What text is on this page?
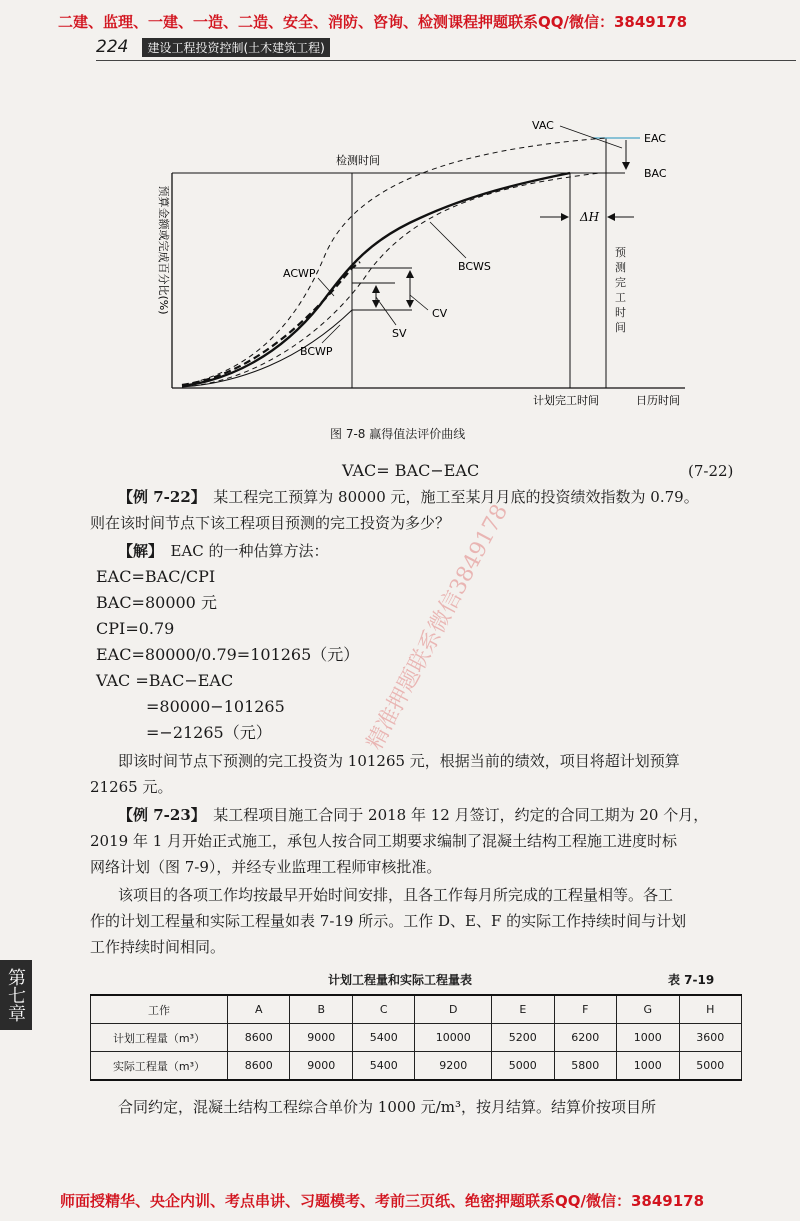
二建、监理、一建、一造、二造、安全、消防、咨询、检测课程押题联系QQ/微信：3849178
224	建设工程投资控制(土木建筑工程)
预算金额或完成百分比(%)
检测时间
计划完工时间	日历时间
VAC
EAC
BAC
ΔH
ACWP
BCWS
BCWP
CV
SV
预测完工时间
图 7-8 赢得值法评价曲线
VAC= BAC−EAC	(7-22)
【例 7-22】　某工程完工预算为 80000 元，施工至某月月底的投资绩效指数为 0.79。
则在该时间节点下该工程项目预测的完工投资为多少？
【解】　EAC 的一种估算方法：
EAC=BAC/CPI
BAC=80000 元
CPI=0.79
EAC=80000/0.79=101265（元）
VAC =BAC−EAC
=80000−101265
=−21265（元）
即该时间节点下预测的完工投资为 101265 元，根据当前的绩效，项目将超计划预算
21265 元。
【例 7-23】　某工程项目施工合同于 2018 年 12 月签订，约定的合同工期为 20 个月，
2019 年 1 月开始正式施工，承包人按合同工期要求编制了混凝土结构工程施工进度时标
网络计划（图 7-9），并经专业监理工程师审核批准。
该项目的各项工作均按最早开始时间安排，且各工作每月所完成的工程量相等。各工
作的计划工程量和实际工程量如表 7-19 所示。工作 D、E、F 的实际工作持续时间与计划
工作持续时间相同。
计划工程量和实际工程量表	表 7-19
工作	A	B	C	D	E	F	G	H
计划工程量（m³）	8600	9000	5400	10000	5200	6200	1000	3600
实际工程量（m³）	8600	9000	5400	9200	5000	5800	1000	5000
合同约定，混凝土结构工程综合单价为 1000 元/m³，按月结算。结算价按项目所
第七章
精准押题联系微信3849178
师面授精华、央企内训、考点串讲、习题模考、考前三页纸、绝密押题联系QQ/微信：3849178
